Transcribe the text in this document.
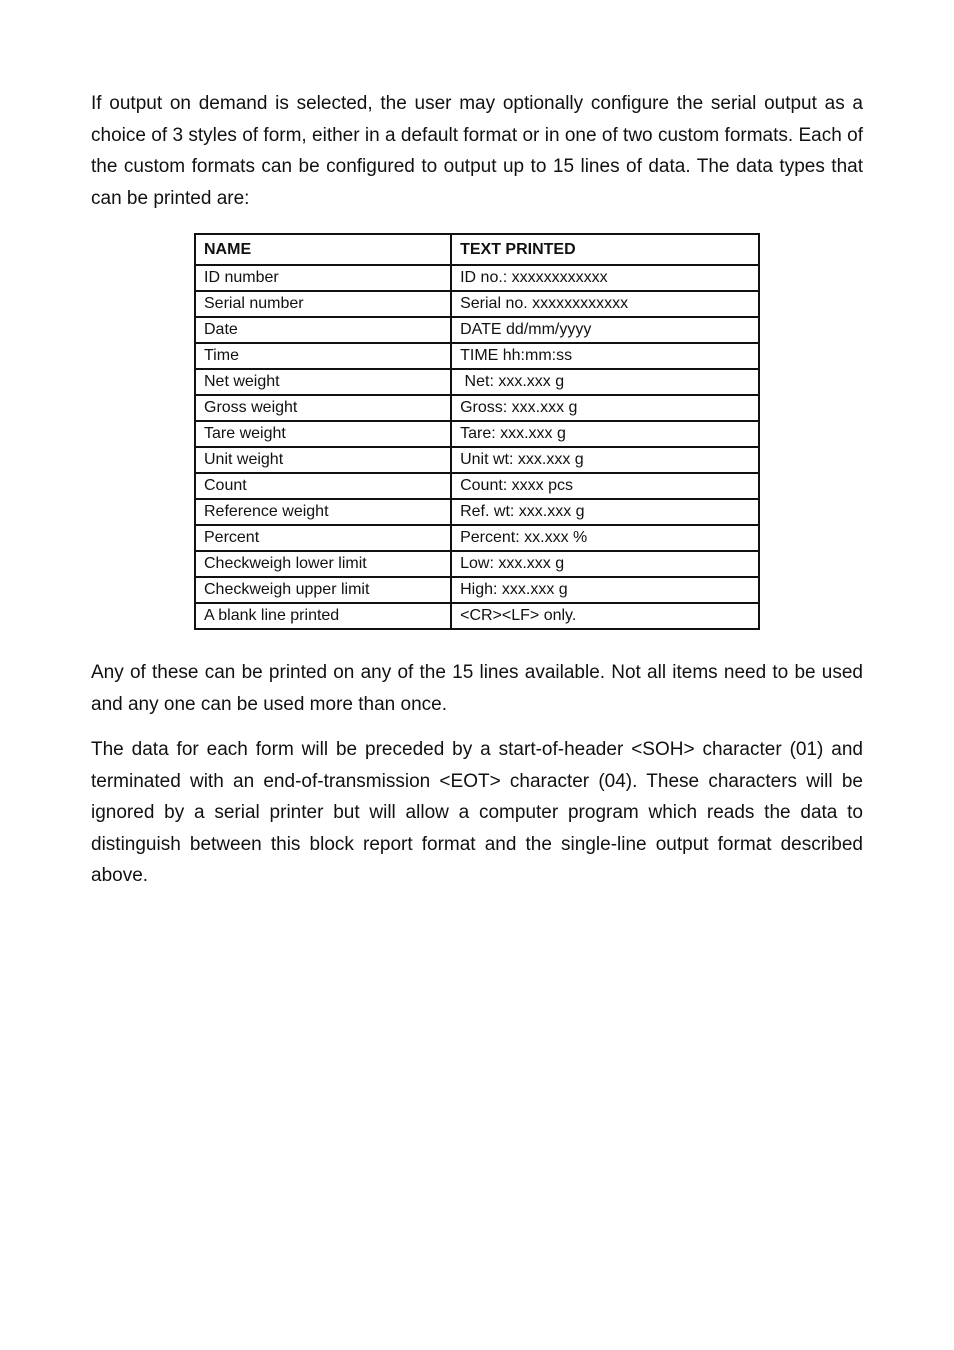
If output on demand is selected, the user may optionally configure the serial output as a choice of 3 styles of form, either in a default format or in one of two custom formats. Each of the custom formats can be configured to output up to 15 lines of data. The data types that can be printed are:

NAME	TEXT PRINTED
ID number	ID no.: xxxxxxxxxxxx
Serial number	Serial no. xxxxxxxxxxxx
Date	DATE dd/mm/yyyy
Time	TIME hh:mm:ss
Net weight	Net: xxx.xxx g
Gross weight	Gross: xxx.xxx g
Tare weight	Tare: xxx.xxx g
Unit weight	Unit wt: xxx.xxx g
Count	Count: xxxx pcs
Reference weight	Ref. wt: xxx.xxx g
Percent	Percent: xx.xxx %
Checkweigh lower limit	Low: xxx.xxx g
Checkweigh upper limit	High: xxx.xxx g
A blank line printed	<CR><LF> only.

Any of these can be printed on any of the 15 lines available. Not all items need to be used and any one can be used more than once.

The data for each form will be preceded by a start-of-header <SOH> character (01) and terminated with an end-of-transmission <EOT> character (04). These characters will be ignored by a serial printer but will allow a computer program which reads the data to distinguish between this block report format and the single-line output format described above.
